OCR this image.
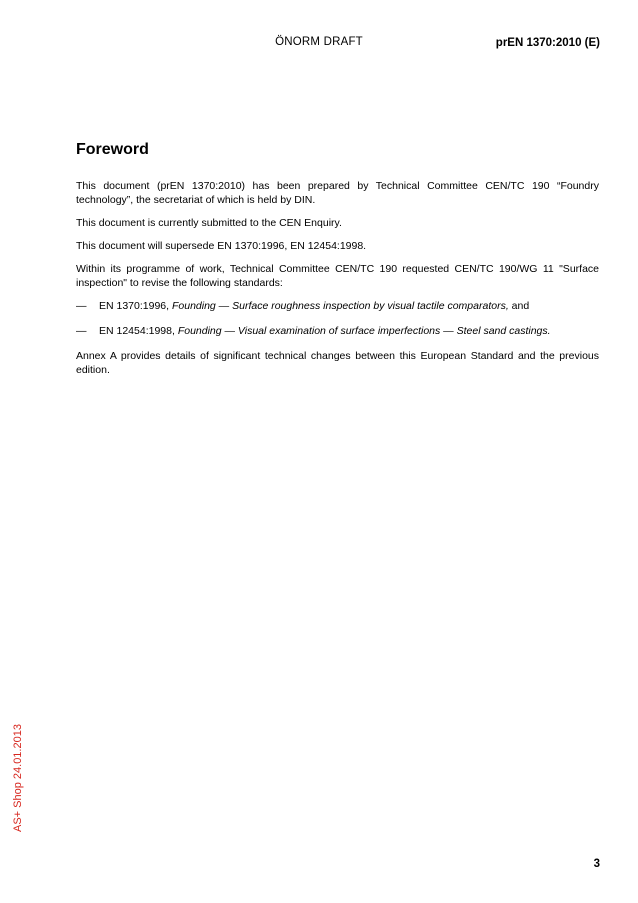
ÖNORM DRAFT	prEN 1370:2010 (E)
Foreword

This document (prEN 1370:2010) has been prepared by Technical Committee CEN/TC 190 “Foundry technology”, the secretariat of which is held by DIN.

This document is currently submitted to the CEN Enquiry.

This document will supersede EN 1370:1996, EN 12454:1998.

Within its programme of work, Technical Committee CEN/TC 190 requested CEN/TC 190/WG 11 "Surface inspection" to revise the following standards:

— EN 1370:1996, Founding — Surface roughness inspection by visual tactile comparators, and
— EN 12454:1998, Founding — Visual examination of surface imperfections — Steel sand castings.

Annex A provides details of significant technical changes between this European Standard and the previous edition.

AS+ Shop 24.01.2013
3
